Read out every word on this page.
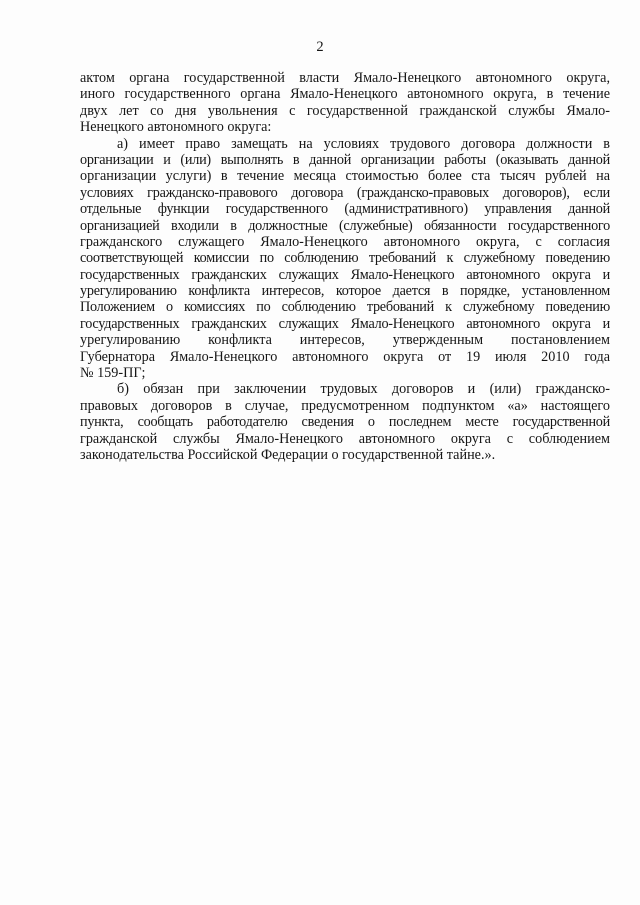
2
актом органа государственной власти Ямало-Ненецкого автономного округа,
иного государственного органа Ямало-Ненецкого автономного округа, в течение
двух лет со дня увольнения с государственной гражданской службы Ямало-
Ненецкого автономного округа:
а) имеет право замещать на условиях трудового договора должности в
организации и (или) выполнять в данной организации работы (оказывать данной
организации услуги) в течение месяца стоимостью более ста тысяч рублей на
условиях гражданско-правового договора (гражданско-правовых договоров), если
отдельные функции государственного (административного) управления данной
организацией входили в должностные (служебные) обязанности государственного
гражданского служащего Ямало-Ненецкого автономного округа, с согласия
соответствующей комиссии по соблюдению требований к служебному поведению
государственных гражданских служащих Ямало-Ненецкого автономного округа и
урегулированию конфликта интересов, которое дается в порядке, установленном
Положением о комиссиях по соблюдению требований к служебному поведению
государственных гражданских служащих Ямало-Ненецкого автономного округа и
урегулированию конфликта интересов, утвержденным постановлением
Губернатора Ямало-Ненецкого автономного округа от 19 июля 2010 года
№ 159-ПГ;
б) обязан при заключении трудовых договоров и (или) гражданско-
правовых договоров в случае, предусмотренном подпунктом «а» настоящего
пункта, сообщать работодателю сведения о последнем месте государственной
гражданской службы Ямало-Ненецкого автономного округа с соблюдением
законодательства Российской Федерации о государственной тайне.».
